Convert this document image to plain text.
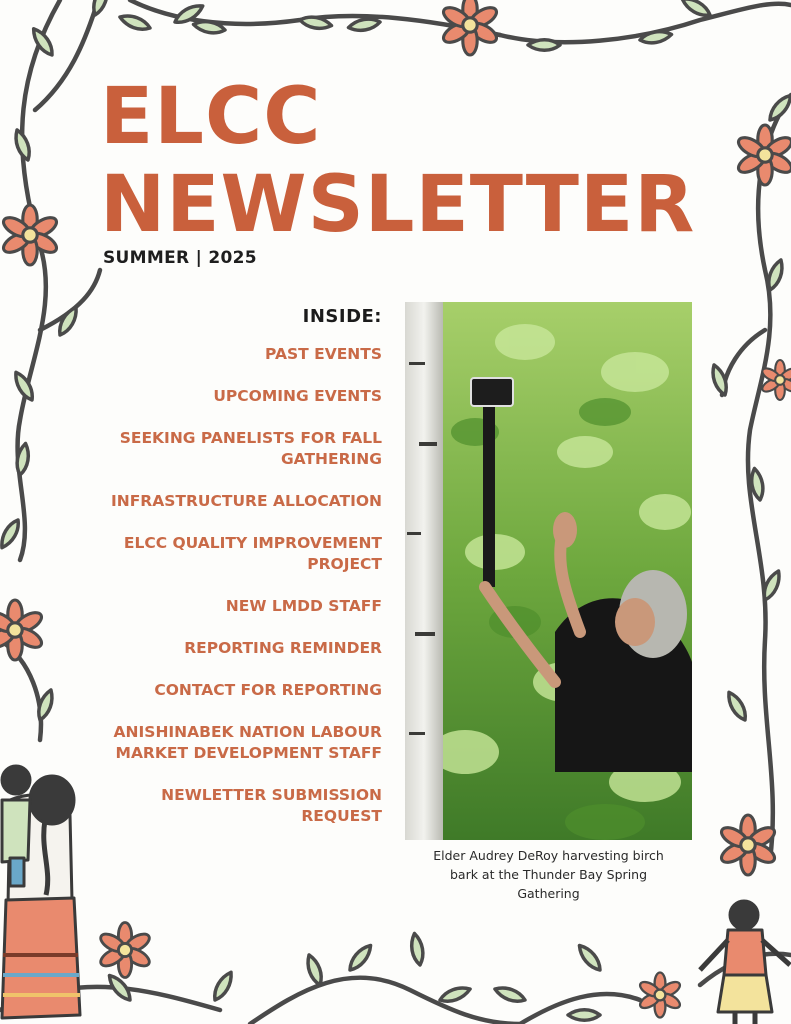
ELCC
NEWSLETTER
SUMMER | 2025
INSIDE:
PAST EVENTS
UPCOMING EVENTS
SEEKING PANELISTS FOR FALL
GATHERING
INFRASTRUCTURE ALLOCATION
ELCC QUALITY IMPROVEMENT
PROJECT
NEW LMDD STAFF
REPORTING REMINDER
CONTACT FOR REPORTING
ANISHINABEK NATION LABOUR
MARKET DEVELOPMENT STAFF
NEWLETTER SUBMISSION
REQUEST
Elder Audrey DeRoy harvesting birch
bark at the Thunder Bay Spring
Gathering
